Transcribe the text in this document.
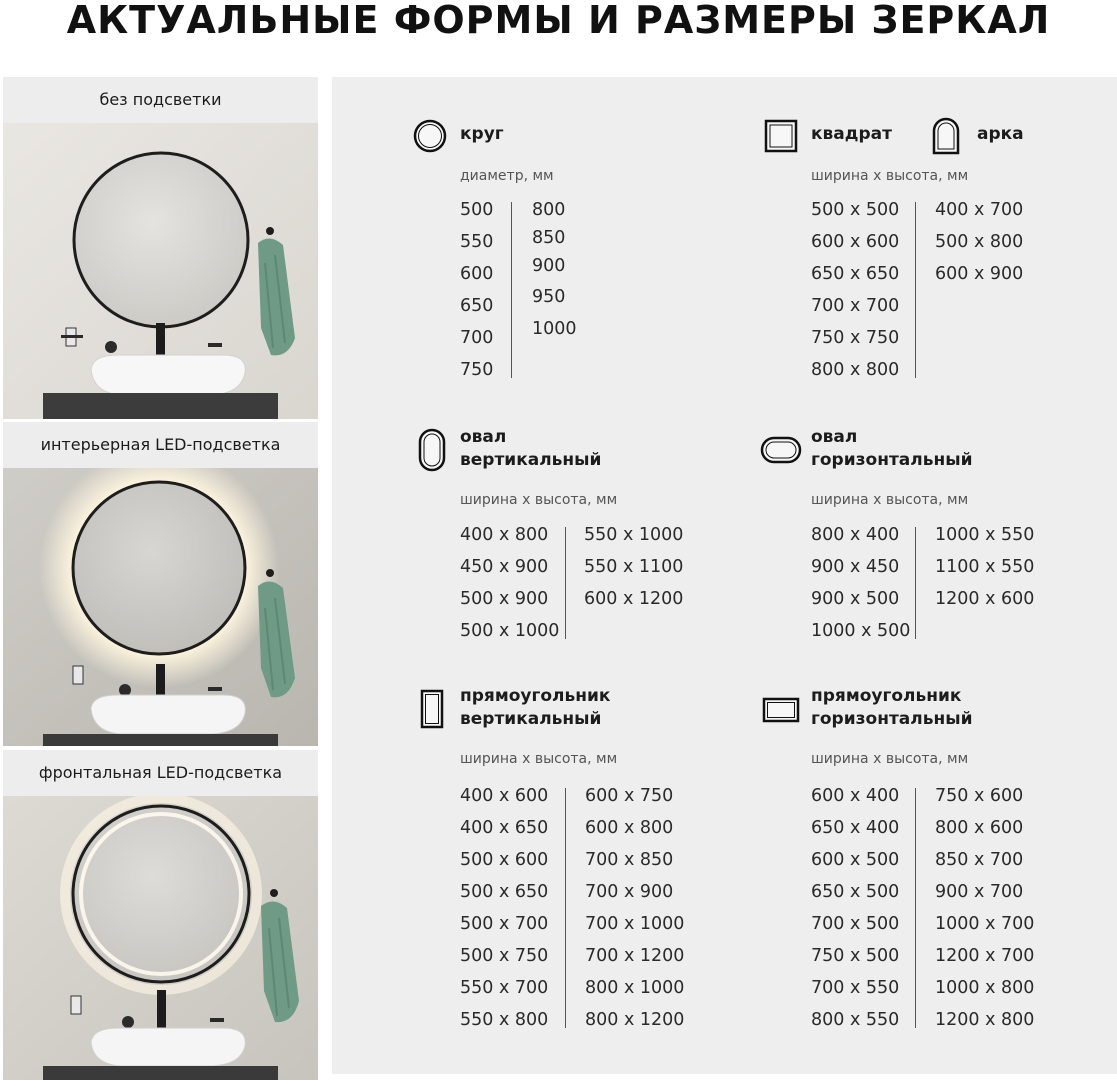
АКТУАЛЬНЫЕ ФОРМЫ И РАЗМЕРЫ ЗЕРКАЛ
без подсветки
интерьерная LED-подсветка
фронтальная LED-подсветка
круг
диаметр, мм
500
550
600
650
700
750
800
850
900
950
1000
квадрат
ширина х высота, мм
500 х 500
600 х 600
650 х 650
700 х 700
750 х 750
800 х 800
арка
400 х 700
500 х 800
600 х 900
овал
вертикальный
ширина х высота, мм
400 х 800
450 х 900
500 х 900
500 х 1000
550 х 1000
550 х 1100
600 х 1200
овал
горизонтальный
ширина х высота, мм
800 х 400
900 х 450
900 х 500
1000 х 500
1000 х 550
1100 х 550
1200 х 600
прямоугольник
вертикальный
ширина х высота, мм
400 х 600
400 х 650
500 х 600
500 х 650
500 х 700
500 х 750
550 х 700
550 х 800
600 х 750
600 х 800
700 х 850
700 х 900
700 х 1000
700 х 1200
800 х 1000
800 х 1200
прямоугольник
горизонтальный
ширина х высота, мм
600 х 400
650 х 400
600 х 500
650 х 500
700 х 500
750 х 500
700 х 550
800 х 550
750 х 600
800 х 600
850 х 700
900 х 700
1000 х 700
1200 х 700
1000 х 800
1200 х 800
